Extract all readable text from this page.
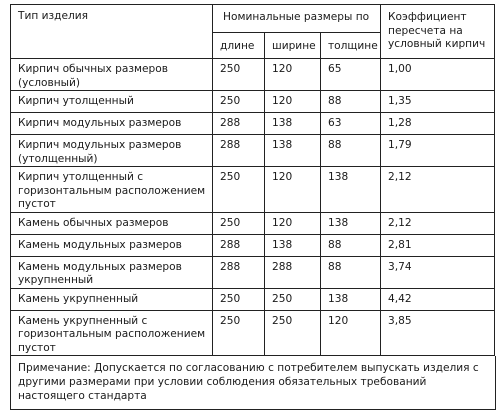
Тип изделия	Номинальные размеры по			Коэффициент пересчета на условный кирпич
	длине	ширине	толщине	
Кирпич обычных размеров (условный)	250	120	65	1,00
Кирпич утолщенный	250	120	88	1,35
Кирпич модульных размеров	288	138	63	1,28
Кирпич модульных размеров (утолщенный)	288	138	88	1,79
Кирпич утолщенный с горизонтальным расположением пустот	250	120	138	2,12
Камень обычных размеров	250	120	138	2,12
Камень модульных размеров	288	138	88	2,81
Камень модульных размеров укрупненный	288	288	88	3,74
Камень укрупненный	250	250	138	4,42
Камень укрупненный с горизонтальным расположением пустот	250	250	120	3,85
Примечание: Допускается по согласованию с потребителем выпускать изделия с другими размерами при условии соблюдения обязательных требований настоящего стандарта
